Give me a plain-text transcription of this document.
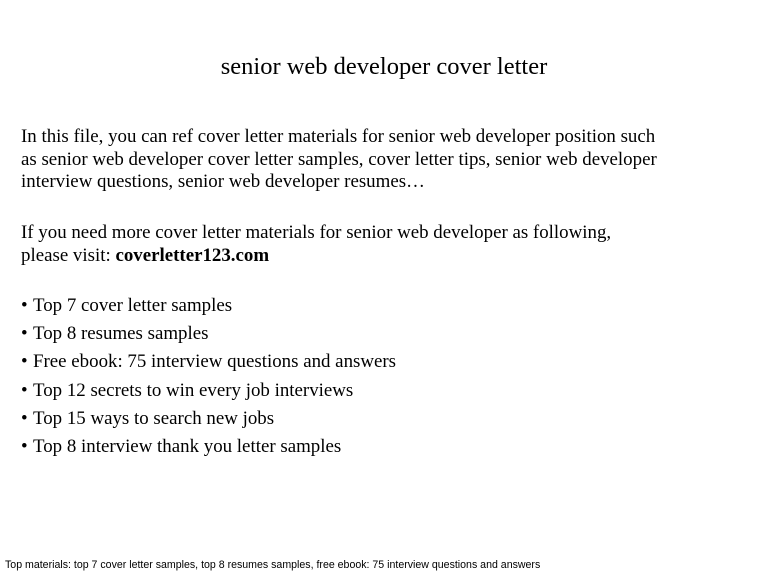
senior web developer cover letter

In this file, you can ref cover letter materials for senior web developer position such
as senior web developer cover letter samples, cover letter tips, senior web developer
interview questions, senior web developer resumes…

If you need more cover letter materials for senior web developer as following,
please visit: coverletter123.com

• Top 7 cover letter samples
• Top 8 resumes samples
• Free ebook: 75 interview questions and answers
• Top 12 secrets to win every job interviews
• Top 15 ways to search new jobs
• Top 8 interview thank you letter samples
Top materials: top 7 cover letter samples, top 8 resumes samples, free ebook: 75 interview questions and answers
